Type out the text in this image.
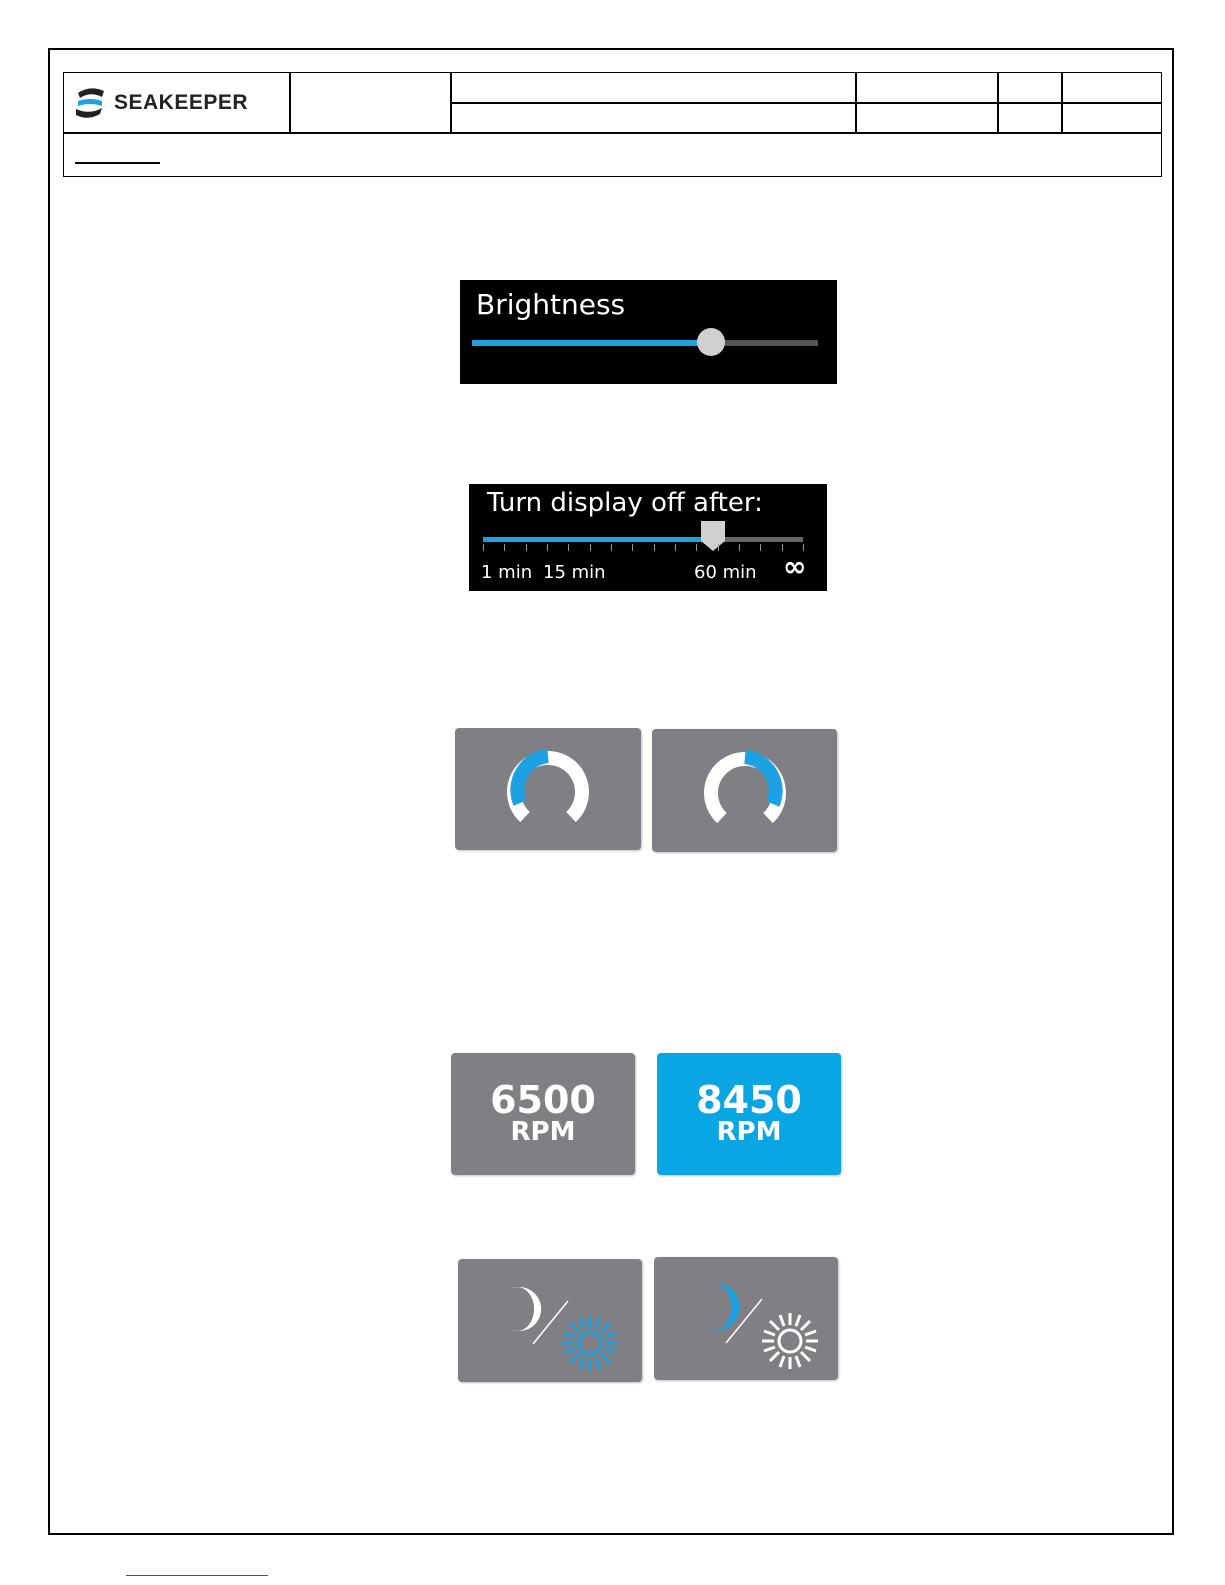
SEAKEEPER
Brightness
Turn display off after:
1 min 15 min	60 min ∞
6500
RPM
8450
RPM
